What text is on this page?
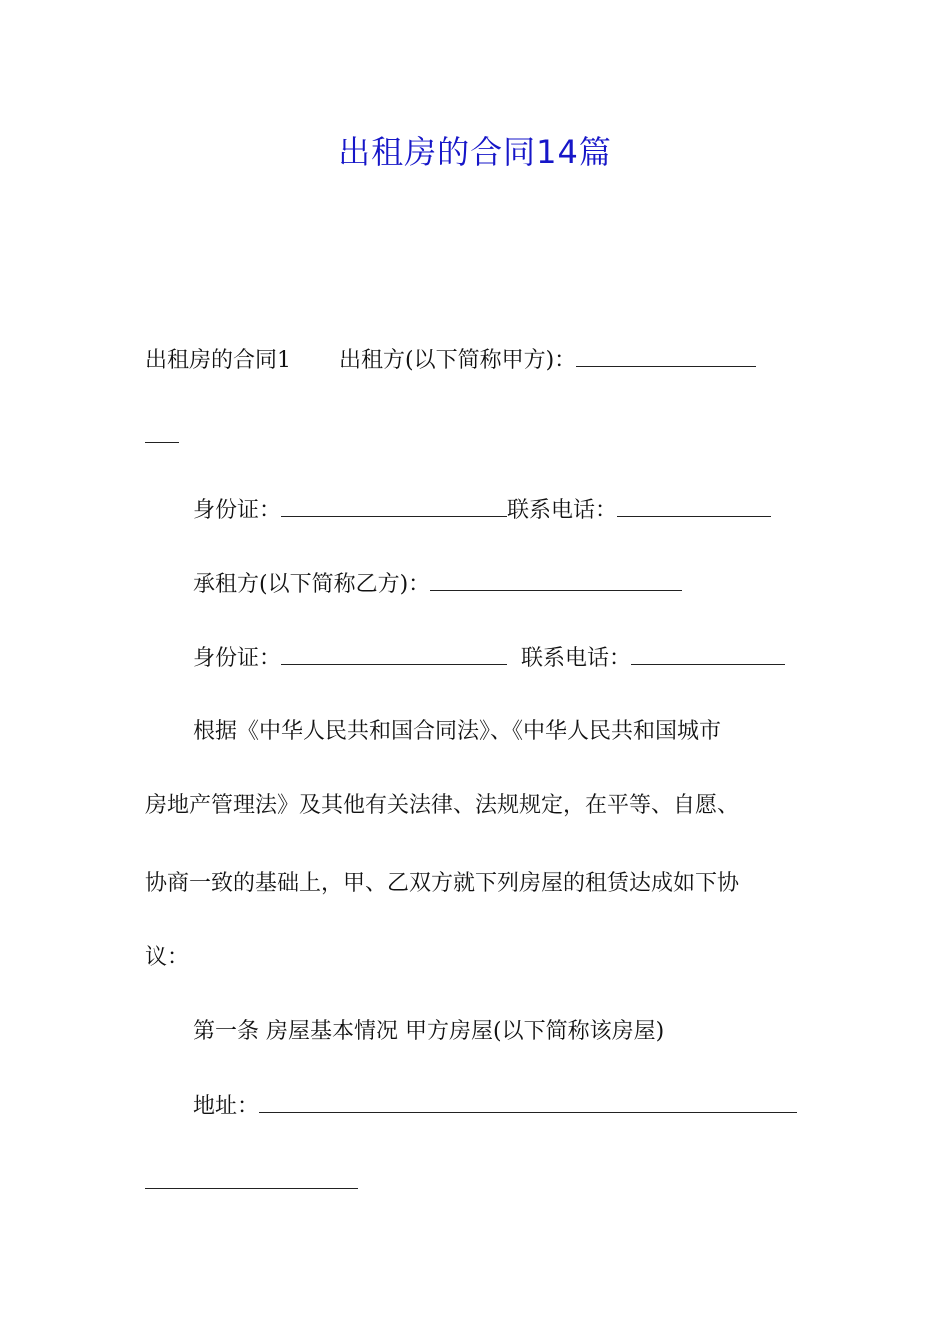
出租房的合同14篇
出租房的合同1 出租方(以下简称甲方)：
身份证：	联系电话：
承租方(以下简称乙方)：
身份证：	联系电话：
根据《中华人民共和国合同法》、《中华人民共和国城市
房地产管理法》及其他有关法律、法规规定，在平等、自愿、
协商一致的基础上，甲、乙双方就下列房屋的租赁达成如下协
议：
第一条 房屋基本情况 甲方房屋(以下简称该房屋)
地址：
